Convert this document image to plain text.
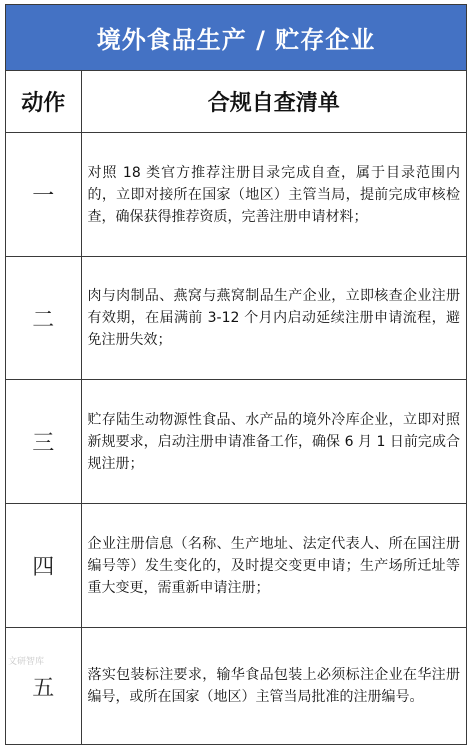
境外食品生产 / 贮存企业
动作	合规自查清单
一	对照 18 类官方推荐注册目录完成自查，属于目录范围内的，立即对接所在国家（地区）主管当局，提前完成审核检查，确保获得推荐资质，完善注册申请材料；
二	肉与肉制品、燕窝与燕窝制品生产企业，立即核查企业注册有效期，在届满前 3-12 个月内启动延续注册申请流程，避免注册失效；
三	贮存陆生动物源性食品、水产品的境外冷库企业，立即对照新规要求，启动注册申请准备工作，确保 6 月 1 日前完成合规注册；
四	企业注册信息（名称、生产地址、法定代表人、所在国注册编号等）发生变化的，及时提交变更申请；生产场所迁址等重大变更，需重新申请注册；
五	落实包装标注要求，输华食品包装上必须标注企业在华注册编号，或所在国家（地区）主管当局批准的注册编号。
文研智库
